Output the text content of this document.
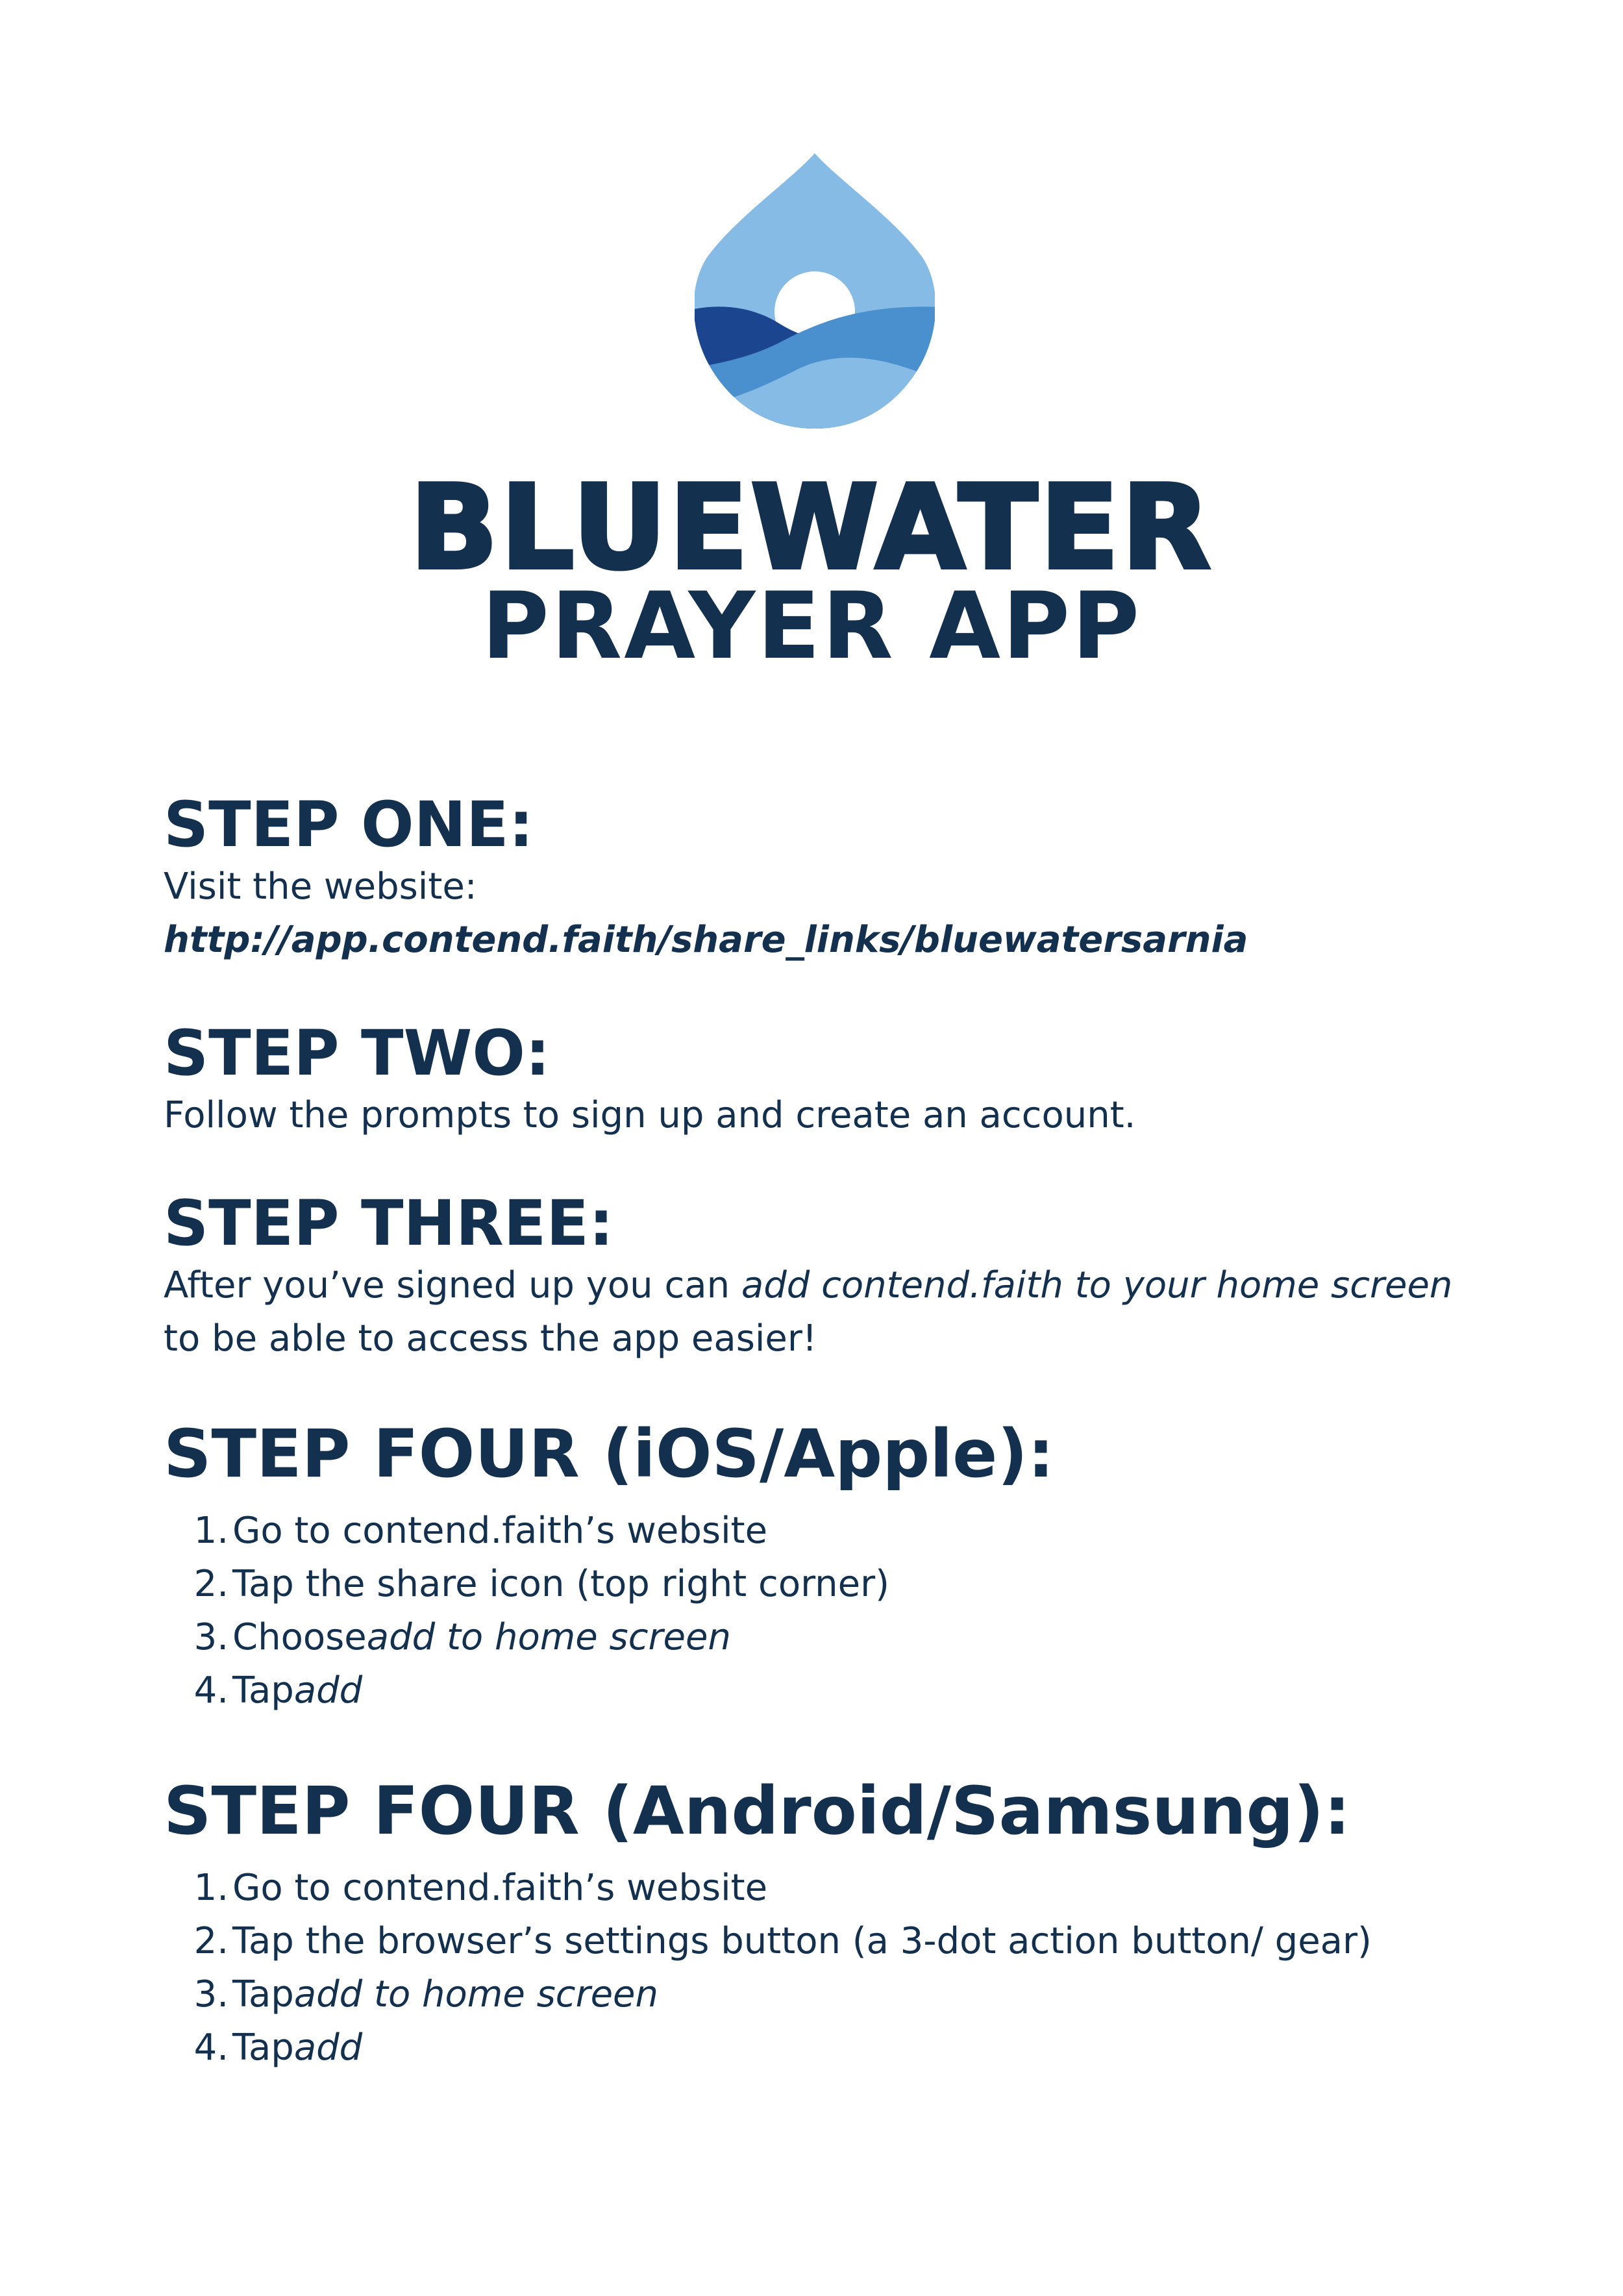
BLUEWATER
PRAYER APP
STEP ONE:

Visit the website:

http://app.contend.faith/share_links/bluewatersarnia

STEP TWO:

Follow the prompts to sign up and create an account.

STEP THREE:

After you’ve signed up you can add contend.faith to your home screen to be able to access the app easier!

STEP FOUR (iOS/Apple):
1. Go to contend.faith’s website
2. Tap the share icon (top right corner)
3. Choose add to home screen
4. Tap add
STEP FOUR (Android/Samsung):
1. Go to contend.faith’s website
2. Tap the browser’s settings button (a 3-dot action button/ gear)
3. Tap add to home screen
4. Tap add
